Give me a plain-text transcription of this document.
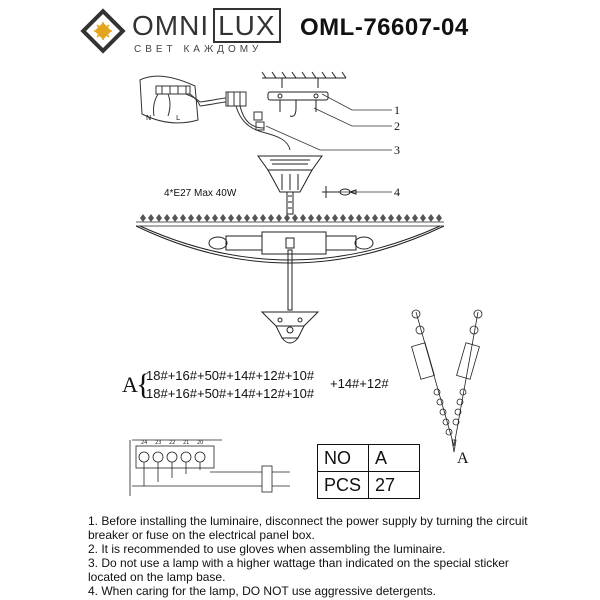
OMNI LUX
СВЕТ КАЖДОМУ
OML-76607-04
N	L
24 23 22 21 20
1
2
3
4
4*E27 Max 40W
A
A
{
18#+16#+50#+14#+12#+10#
18#+16#+50#+14#+12#+10#
+14#+12#
NO	A
PCS	27

1. Before installing the luminaire, disconnect the power supply by turning the circuit breaker or fuse on the electrical panel box.

2. It is recommended to use gloves when assembling the luminaire.

3. Do not use a lamp with a higher wattage than indicated on the special sticker located on the lamp base.

4. When caring for the lamp, DO NOT use aggressive detergents.
